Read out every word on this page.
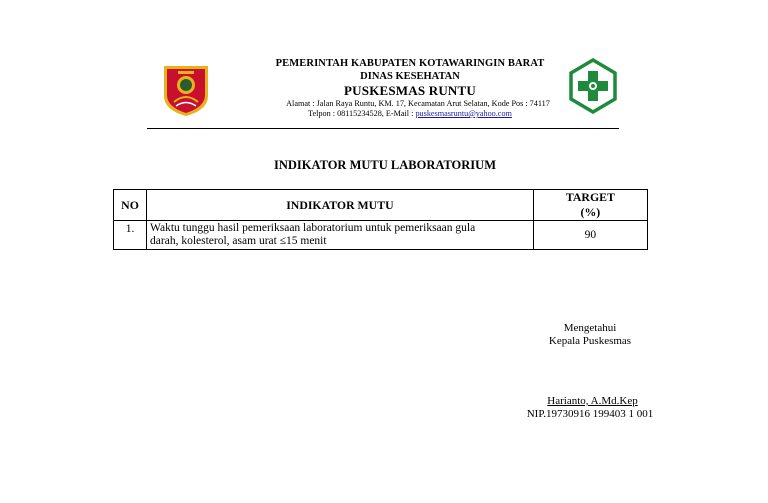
PEMERINTAH KABUPATEN KOTAWARINGIN BARAT
DINAS KESEHATAN
PUSKESMAS RUNTU
Alamat : Jalan Raya Runtu, KM. 17, Kecamatan Arut Selatan, Kode Pos : 74117
Telpon : 08115234528, E-Mail : puskesmasruntu@yahoo.com
INDIKATOR MUTU LABORATORIUM
NO	INDIKATOR MUTU	TARGET
(%)

1.	Waktu tunggu hasil pemeriksaan laboratorium untuk pemeriksaan gula
darah, kolesterol, asam urat ≤15 menit	90
Mengetahui
Kepala Puskesmas
Harianto, A.Md.Kep
NIP.19730916 199403 1 001
